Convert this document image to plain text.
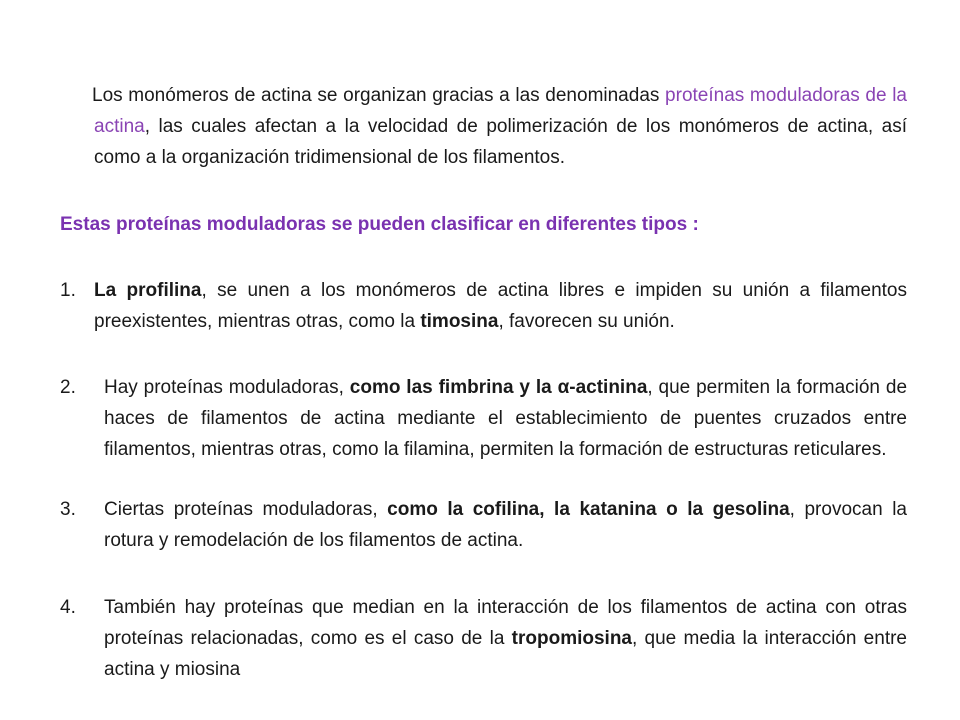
Los monómeros de actina se organizan gracias a las denominadas proteínas moduladoras de la actina, las cuales afectan a la velocidad de polimerización de los monómeros de actina, así como a la organización tridimensional de los filamentos.

Estas proteínas moduladoras se pueden clasificar en diferentes tipos :

1. La profilina, se unen a los monómeros de actina libres e impiden su unión a filamentos preexistentes, mientras otras, como la timosina, favorecen su unión.
2. Hay proteínas moduladoras, como las fimbrina y la α-actinina, que permiten la formación de haces de filamentos de actina mediante el establecimiento de puentes cruzados entre filamentos, mientras otras, como la filamina, permiten la formación de estructuras reticulares.
3. Ciertas proteínas moduladoras, como la cofilina, la katanina o la gesolina, provocan la rotura y remodelación de los filamentos de actina.
4. También hay proteínas que median en la interacción de los filamentos de actina con otras proteínas relacionadas, como es el caso de la tropomiosina, que media la interacción entre actina y miosina
